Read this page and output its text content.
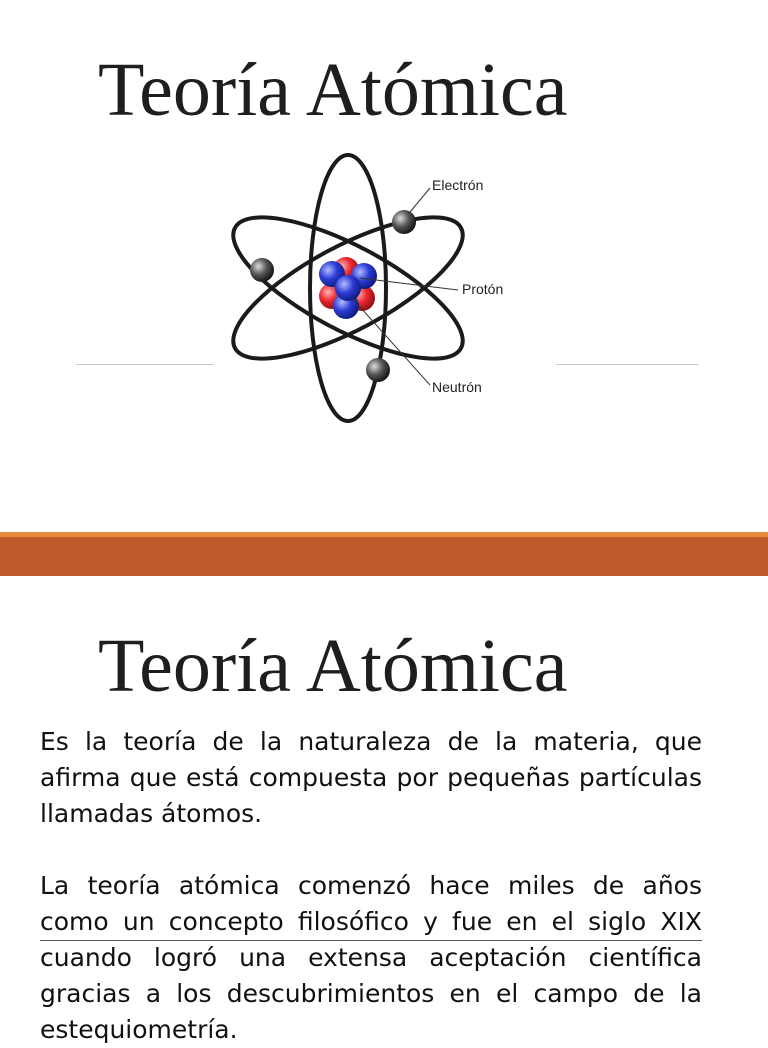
Teoría Atómica
Electrón
Protón
Neutrón
Teoría Atómica

Es la teoría de la naturaleza de la materia, que afirma que está compuesta por pequeñas partículas llamadas átomos.

La teoría atómica comenzó hace miles de años como un concepto filosófico y fue en el siglo XIX cuando logró una extensa aceptación científica gracias a los descubrimientos en el campo de la estequiometría.
